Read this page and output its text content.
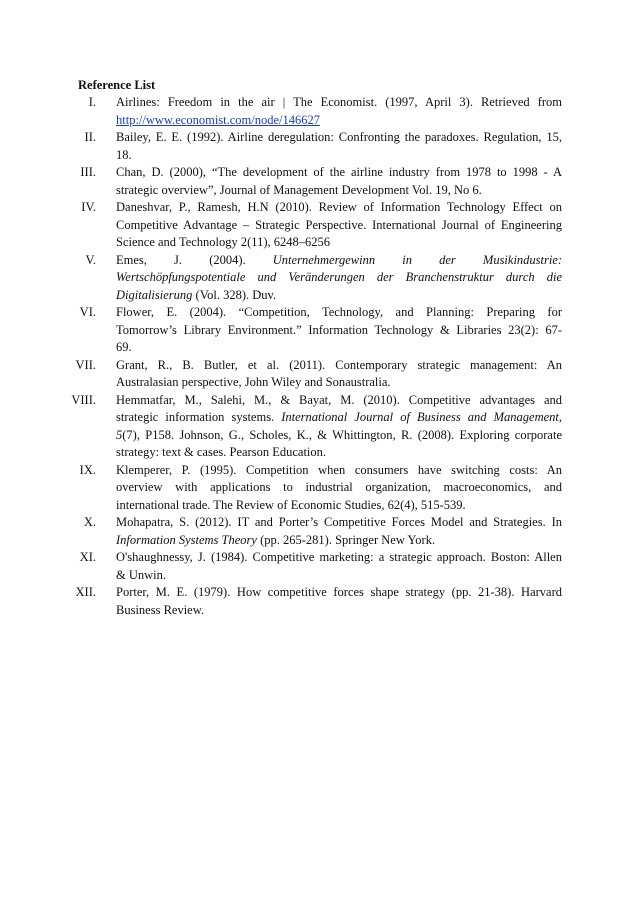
Reference List
I. Airlines: Freedom in the air | The Economist. (1997, April 3). Retrieved from
http://www.economist.com/node/146627
II. Bailey, E. E. (1992). Airline deregulation: Confronting the paradoxes. Regulation, 15,
18.
III. Chan, D. (2000), “The development of the airline industry from 1978 to 1998 - A
strategic overview”, Journal of Management Development Vol. 19, No 6.
IV. Daneshvar, P., Ramesh, H.N (2010). Review of Information Technology Effect on
Competitive Advantage – Strategic Perspective. International Journal of Engineering
Science and Technology 2(11), 6248–6256
V. Emes, J. (2004). Unternehmergewinn in der Musikindustrie:
Wertschöpfungspotentiale und Veränderungen der Branchenstruktur durch die
Digitalisierung (Vol. 328). Duv.
VI. Flower, E. (2004). “Competition, Technology, and Planning: Preparing for
Tomorrow’s Library Environment.” Information Technology & Libraries 23(2): 67-
69.
VII. Grant, R., B. Butler, et al. (2011). Contemporary strategic management: An
Australasian perspective, John Wiley and Sonaustralia.
VIII. Hemmatfar, M., Salehi, M., & Bayat, M. (2010). Competitive advantages and
strategic information systems. International Journal of Business and Management,
5(7), P158. Johnson, G., Scholes, K., & Whittington, R. (2008). Exploring corporate
strategy: text & cases. Pearson Education.
IX. Klemperer, P. (1995). Competition when consumers have switching costs: An
overview with applications to industrial organization, macroeconomics, and
international trade. The Review of Economic Studies, 62(4), 515-539.
X. Mohapatra, S. (2012). IT and Porter’s Competitive Forces Model and Strategies. In
Information Systems Theory (pp. 265-281). Springer New York.
XI. O'shaughnessy, J. (1984). Competitive marketing: a strategic approach. Boston: Allen
& Unwin.
XII. Porter, M. E. (1979). How competitive forces shape strategy (pp. 21-38). Harvard
Business Review.
